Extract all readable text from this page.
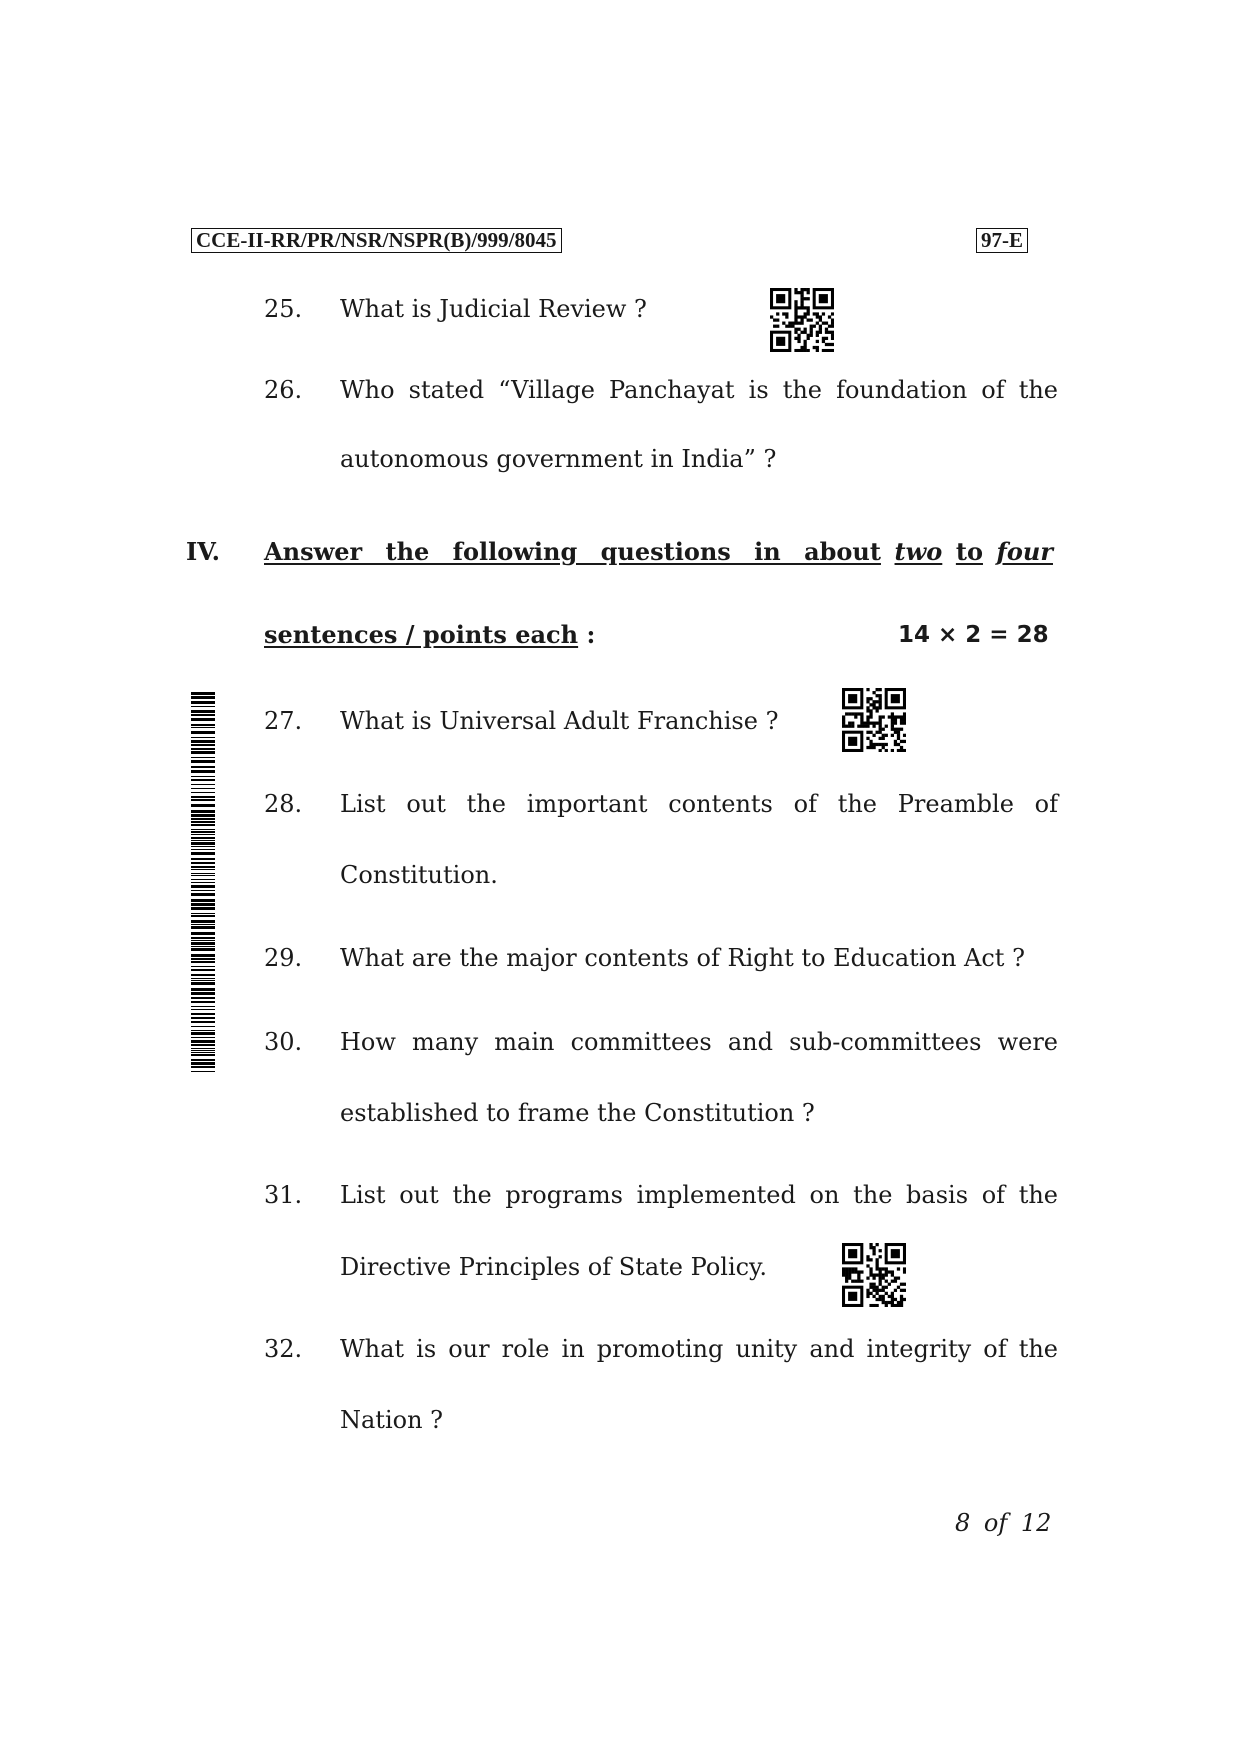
CCE-II-RR/PR/NSR/NSPR(B)/999/8045	97-E
25.	What is Judicial Review ?
26.	Who stated “Village Panchayat is the foundation of the
autonomous government in India” ?
IV. Answer the following questions in about two to four
sentences / points each :	14 × 2 = 28
27.	What is Universal Adult Franchise ?
28.	List out the important contents of the Preamble of
Constitution.
29.	What are the major contents of Right to Education Act ?
30.	How many main committees and sub-committees were
established to frame the Constitution ?
31.	List out the programs implemented on the basis of the
Directive Principles of State Policy.
32.	What is our role in promoting unity and integrity of the
Nation ?
8 of 12
